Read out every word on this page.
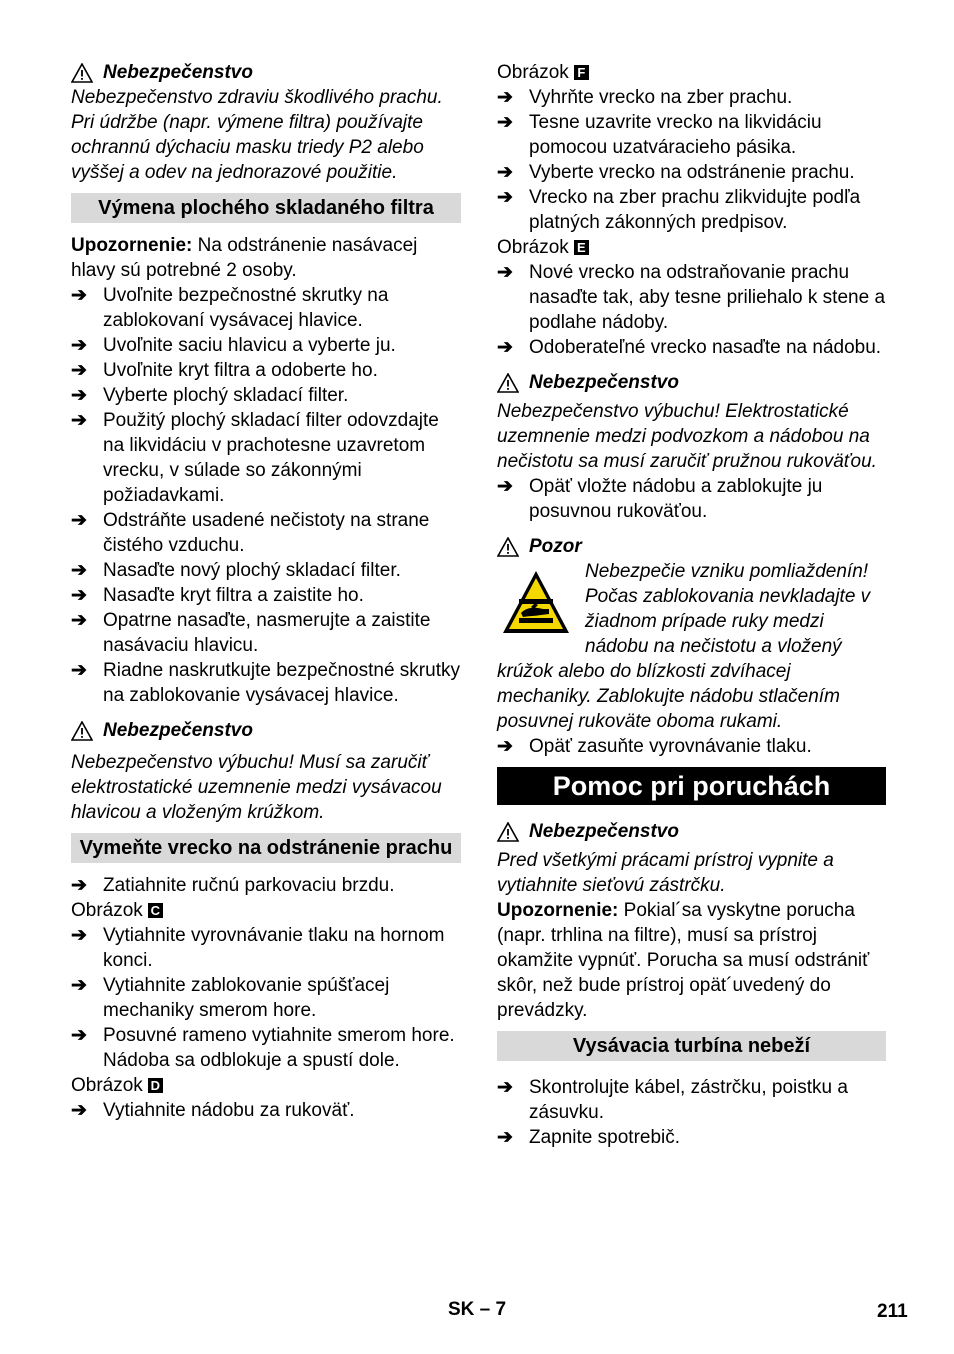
Nebezpečenstvo

Nebezpečenstvo zdraviu škodlivého prachu. Pri údržbe (napr. výmene filtra) používajte ochrannú dýchaciu masku triedy P2 alebo vyššej a odev na jednorazové použitie.

Výmena plochého skladaného filtra

Upozornenie: Na odstránenie nasávacej hlavy sú potrebné 2 osoby.

➔ Uvoľnite bezpečnostné skrutky na zablokovaní vysávacej hlavice.
➔ Uvoľnite saciu hlavicu a vyberte ju.
➔ Uvoľnite kryt filtra a odoberte ho.
➔ Vyberte plochý skladací filter.
➔ Použitý plochý skladací filter odovzdajte na likvidáciu v prachotesne uzavretom vrecku, v súlade so zákonnými požiadavkami.
➔ Odstráňte usadené nečistoty na strane čistého vzduchu.
➔ Nasaďte nový plochý skladací filter.
➔ Nasaďte kryt filtra a zaistite ho.
➔ Opatrne nasaďte, nasmerujte a zaistite nasávaciu hlavicu.
➔ Riadne naskrutkujte bezpečnostné skrutky na zablokovanie vysávacej hlavice.
Nebezpečenstvo

Nebezpečenstvo výbuchu! Musí sa zaručiť elektrostatické uzemnenie medzi vysávacou hlavicou a vloženým krúžkom.

Vymeňte vrecko na odstránenie prachu
➔ Zatiahnite ručnú parkovaciu brzdu.
Obrázok C
➔ Vytiahnite vyrovnávanie tlaku na hornom konci.
➔ Vytiahnite zablokovanie spúšťacej mechaniky smerom hore.
➔ Posuvné rameno vytiahnite smerom hore. Nádoba sa odblokuje a spustí dole.
Obrázok D
➔ Vytiahnite nádobu za rukoväť.
Obrázok F
➔ Vyhrňte vrecko na zber prachu.
➔ Tesne uzavrite vrecko na likvidáciu pomocou uzatváracieho pásika.
➔ Vyberte vrecko na odstránenie prachu.
➔ Vrecko na zber prachu zlikvidujte podľa platných zákonných predpisov.
Obrázok E
➔ Nové vrecko na odstraňovanie prachu nasaďte tak, aby tesne priliehalo k stene a podlahe nádoby.
➔ Odoberateľné vrecko nasaďte na nádobu.
Nebezpečenstvo

Nebezpečenstvo výbuchu! Elektrostatické uzemnenie medzi podvozkom a nádobou na nečistotu sa musí zaručiť pružnou rukoväťou.

➔ Opäť vložte nádobu a zablokujte ju posuvnou rukoväťou.
Pozor

Nebezpečie vzniku pomliaždenín! Počas zablokovania nevkladajte v žiadnom prípade ruky medzi nádobu na nečistotu a vložený krúžok alebo do blízkosti zdvíhacej mechaniky. Zablokujte nádobu stlačením posuvnej rukoväte oboma rukami.

➔ Opäť zasuňte vyrovnávanie tlaku.
Pomoc pri poruchách
Nebezpečenstvo

Pred všetkými prácami prístroj vypnite a vytiahnite sieťovú zástrčku.

Upozornenie: Pokial´sa vyskytne porucha (napr. trhlina na filtre), musí sa prístroj okamžite vypnúť. Porucha sa musí odstrániť skôr, než bude prístroj opät´uvedený do prevádzky.

Vysávacia turbína nebeží
➔ Skontrolujte kábel, zástrčku, poistku a zásuvku.
➔ Zapnite spotrebič.
SK – 7	211
